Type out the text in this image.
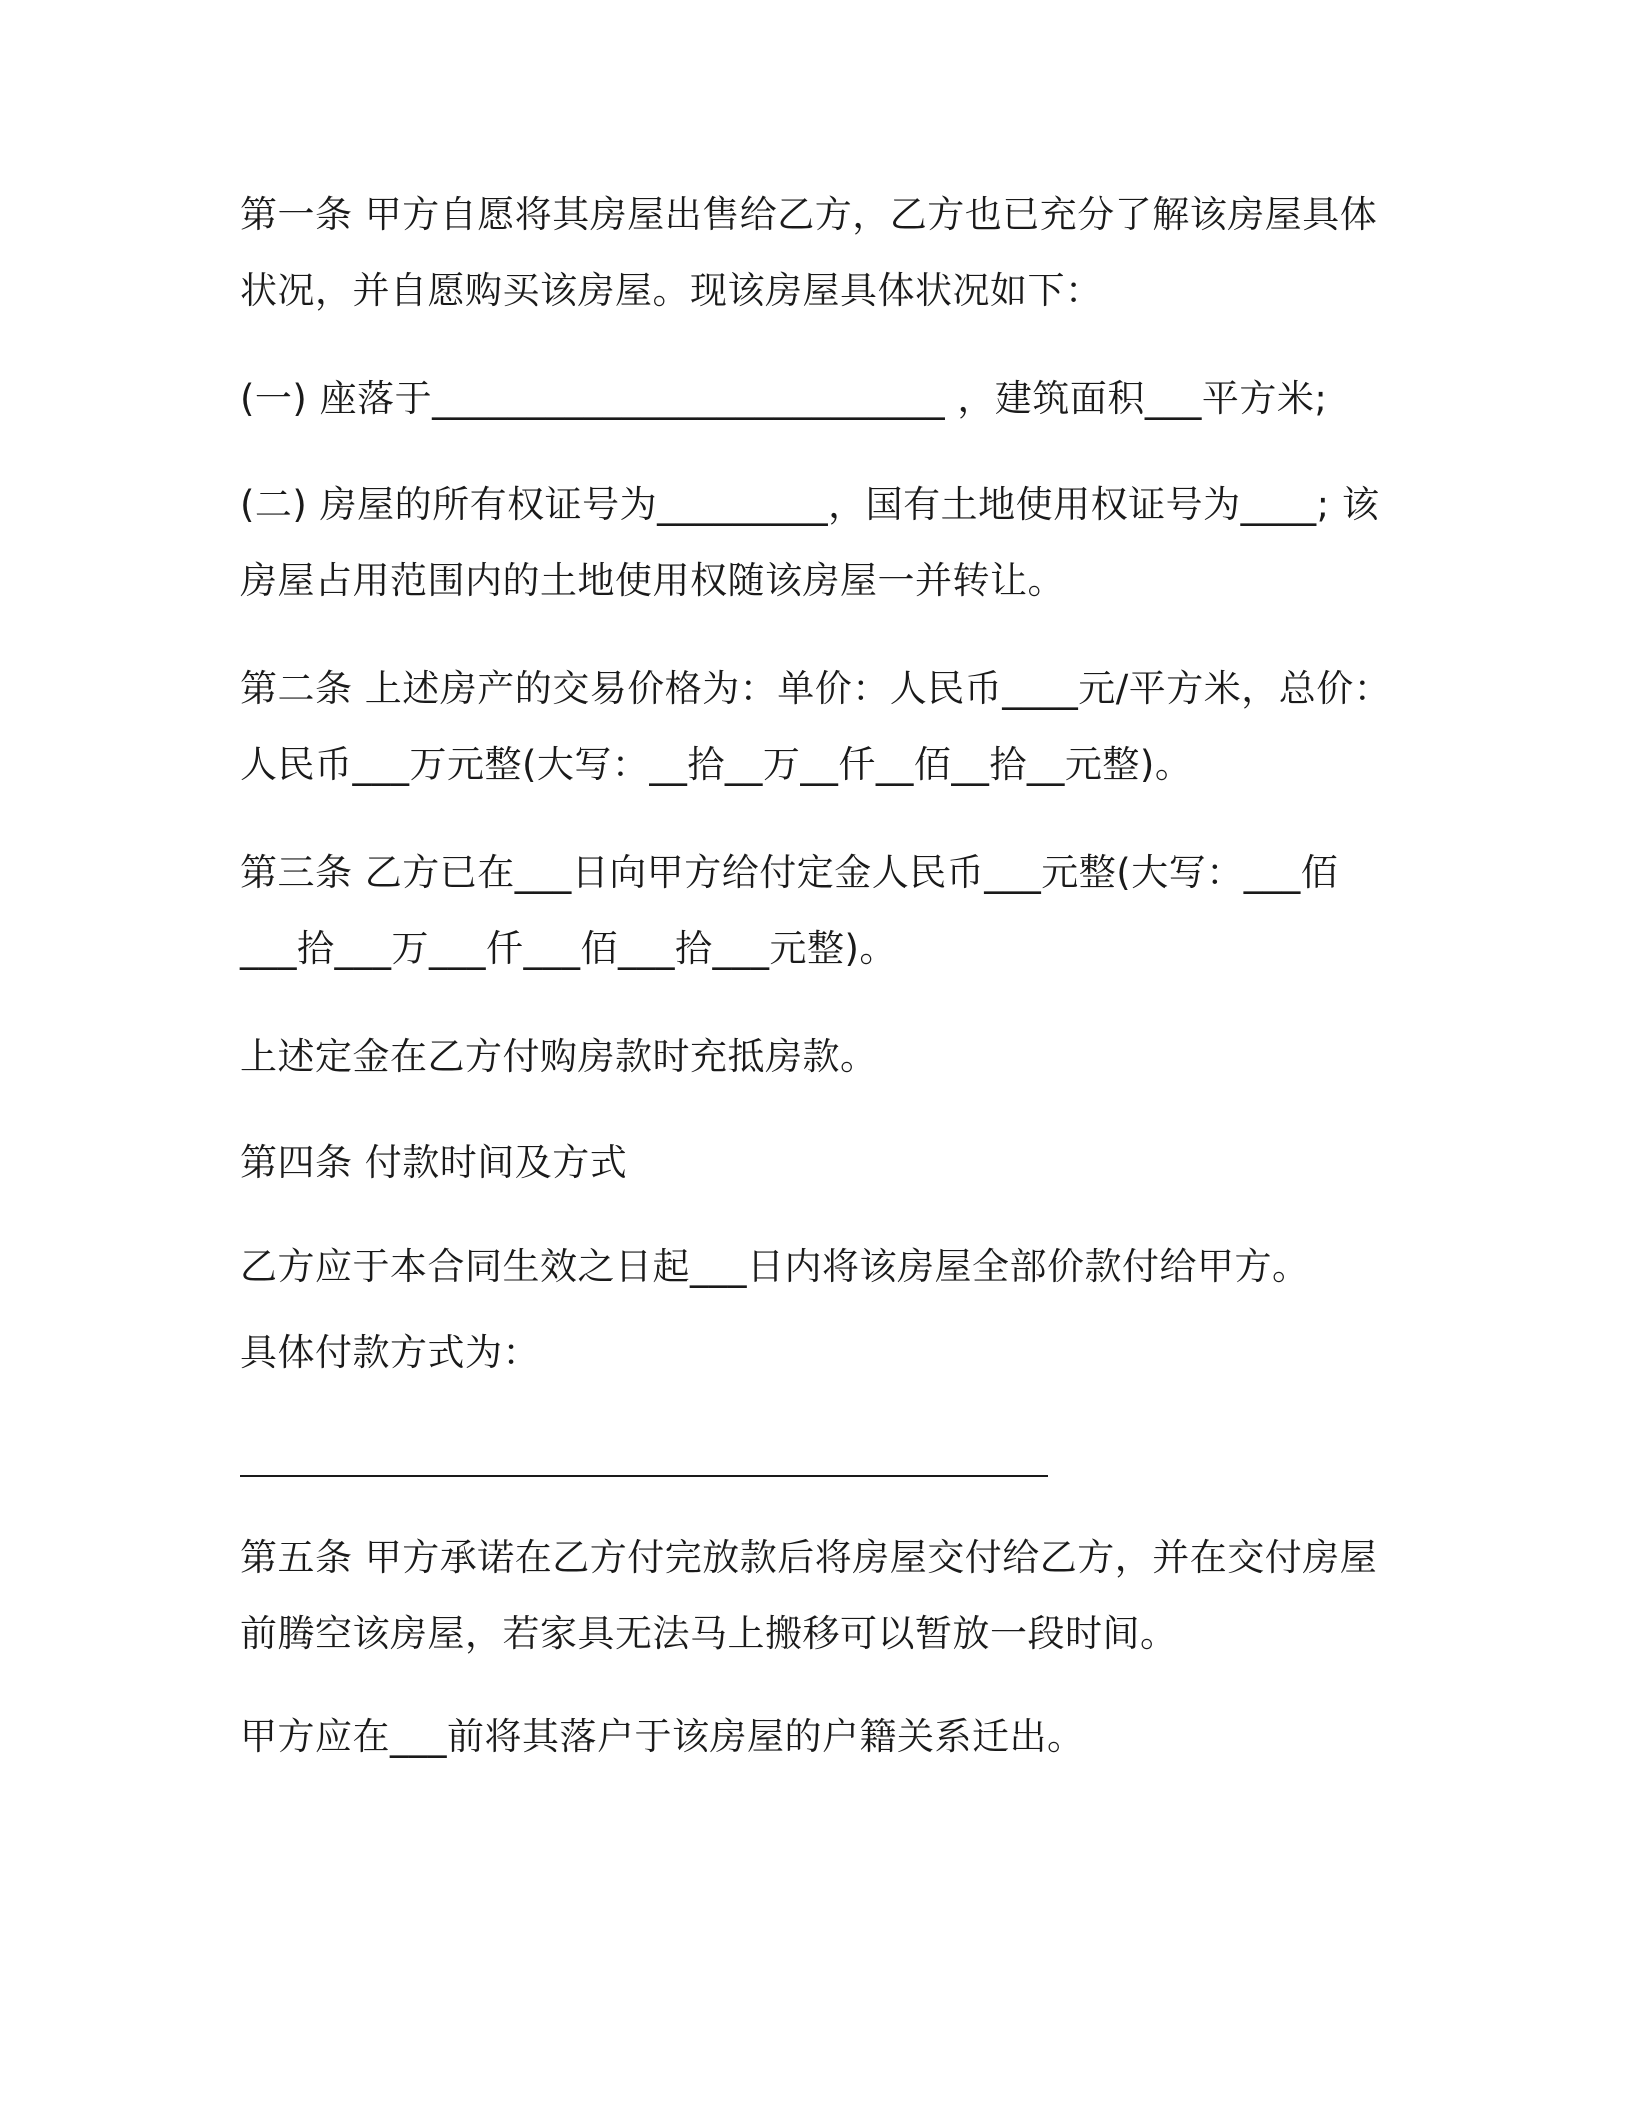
第一条 甲方自愿将其房屋出售给乙方，乙方也已充分了解该房屋具体
状况，并自愿购买该房屋。现该房屋具体状况如下：

(一) 座落于___________________________ ，建筑面积___平方米;

(二) 房屋的所有权证号为_________，国有土地使用权证号为____; 该
房屋占用范围内的土地使用权随该房屋一并转让。

第二条 上述房产的交易价格为：单价：人民币____元/平方米，总价：
人民币___万元整(大写：__拾__万__仟__佰__拾__元整)。

第三条 乙方已在___日向甲方给付定金人民币___元整(大写：___佰
___拾___万___仟___佰___拾___元整)。

上述定金在乙方付购房款时充抵房款。

第四条 付款时间及方式

乙方应于本合同生效之日起___日内将该房屋全部价款付给甲方。

具体付款方式为：

第五条 甲方承诺在乙方付完放款后将房屋交付给乙方，并在交付房屋
前腾空该房屋，若家具无法马上搬移可以暂放一段时间。

甲方应在___前将其落户于该房屋的户籍关系迁出。
